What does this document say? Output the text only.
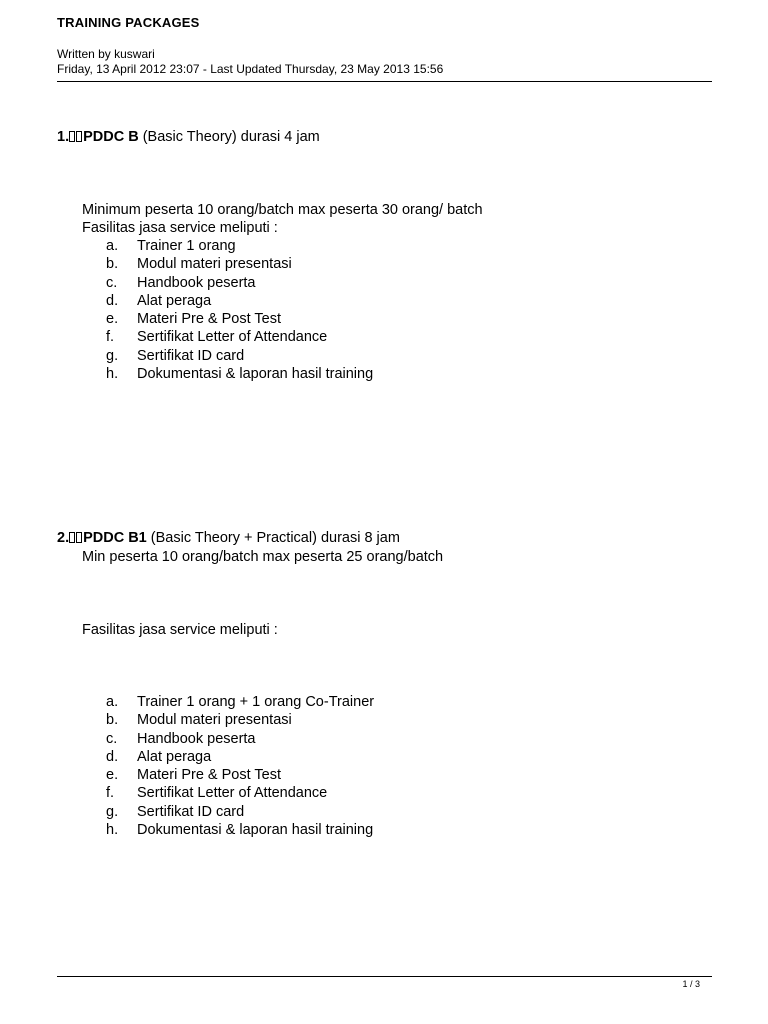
TRAINING PACKAGES
Written by kuswari
Friday, 13 April 2012 23:07 - Last Updated Thursday, 23 May 2013 15:56
1. PDDC B (Basic Theory) durasi 4 jam
Minimum peserta 10 orang/batch max peserta 30 orang/ batch
Fasilitas jasa service meliputi :
a.	Trainer 1 orang
b.	Modul materi presentasi
c.	Handbook peserta
d.	Alat peraga
e.	Materi Pre & Post Test
f.	Sertifikat Letter of Attendance
g.	Sertifikat ID card
h.	Dokumentasi & laporan hasil training
2. PDDC B1 (Basic Theory + Practical) durasi 8 jam
Min peserta 10 orang/batch max peserta 25 orang/batch
Fasilitas jasa service meliputi :
a.	Trainer 1 orang + 1 orang Co-Trainer
b.	Modul materi presentasi
c.	Handbook peserta
d.	Alat peraga
e.	Materi Pre & Post Test
f.	Sertifikat Letter of Attendance
g.	Sertifikat ID card
h.	Dokumentasi & laporan hasil training
1 / 3
